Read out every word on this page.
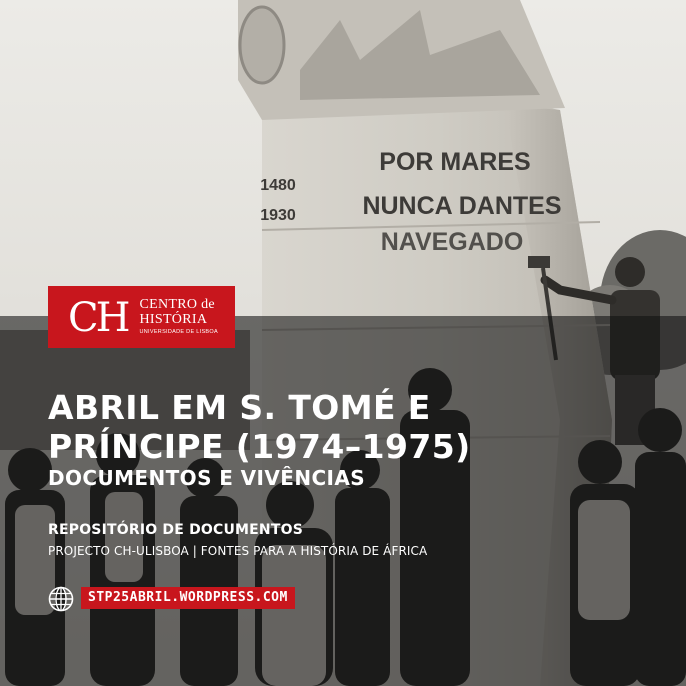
POR MARES
NUNCA DANTES
NAVEGADO
1480
1930
CH CENTRO de
HISTÓRIA
UNIVERSIDADE DE LISBOA
ABRIL EM S. TOMÉ E
PRÍNCIPE (1974–1975)
DOCUMENTOS E VIVÊNCIAS
REPOSITÓRIO DE DOCUMENTOS
PROJECTO CH-ULISBOA | FONTES PARA A HISTÓRIA DE ÁFRICA
STP25ABRIL.WORDPRESS.COM
